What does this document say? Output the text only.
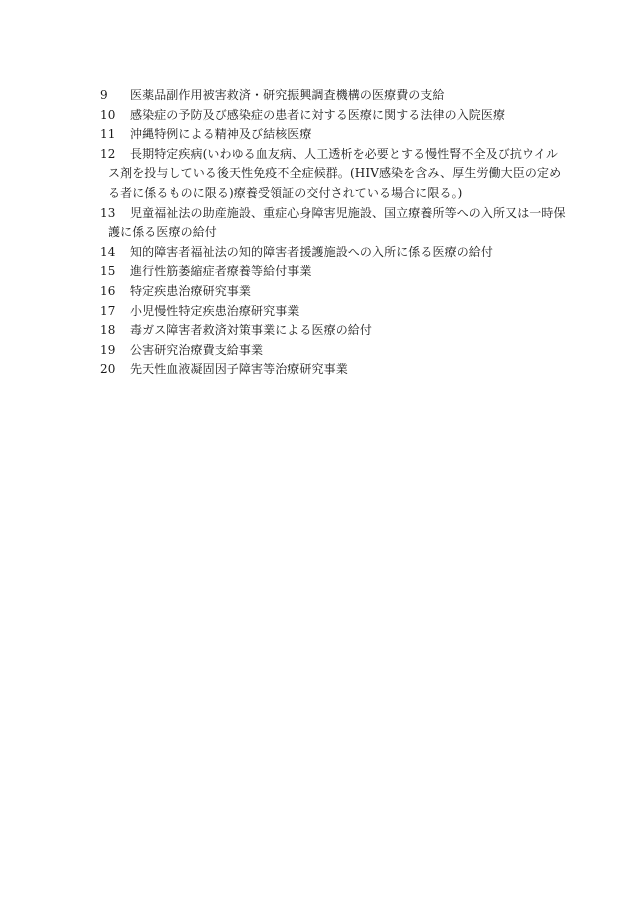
9	医薬品副作用被害救済・研究振興調査機構の医療費の支給
10	感染症の予防及び感染症の患者に対する医療に関する法律の入院医療
11	沖縄特例による精神及び結核医療
12	長期特定疾病(いわゆる血友病、人工透析を必要とする慢性腎不全及び抗ウイル
ス剤を投与している後天性免疫不全症候群。(HIV感染を含み、厚生労働大臣の定め
る者に係るものに限る)療養受領証の交付されている場合に限る。)
13	児童福祉法の助産施設、重症心身障害児施設、国立療養所等への入所又は一時保
護に係る医療の給付
14	知的障害者福祉法の知的障害者援護施設への入所に係る医療の給付
15	進行性筋萎縮症者療養等給付事業
16	特定疾患治療研究事業
17	小児慢性特定疾患治療研究事業
18	毒ガス障害者救済対策事業による医療の給付
19	公害研究治療費支給事業
20	先天性血液凝固因子障害等治療研究事業
